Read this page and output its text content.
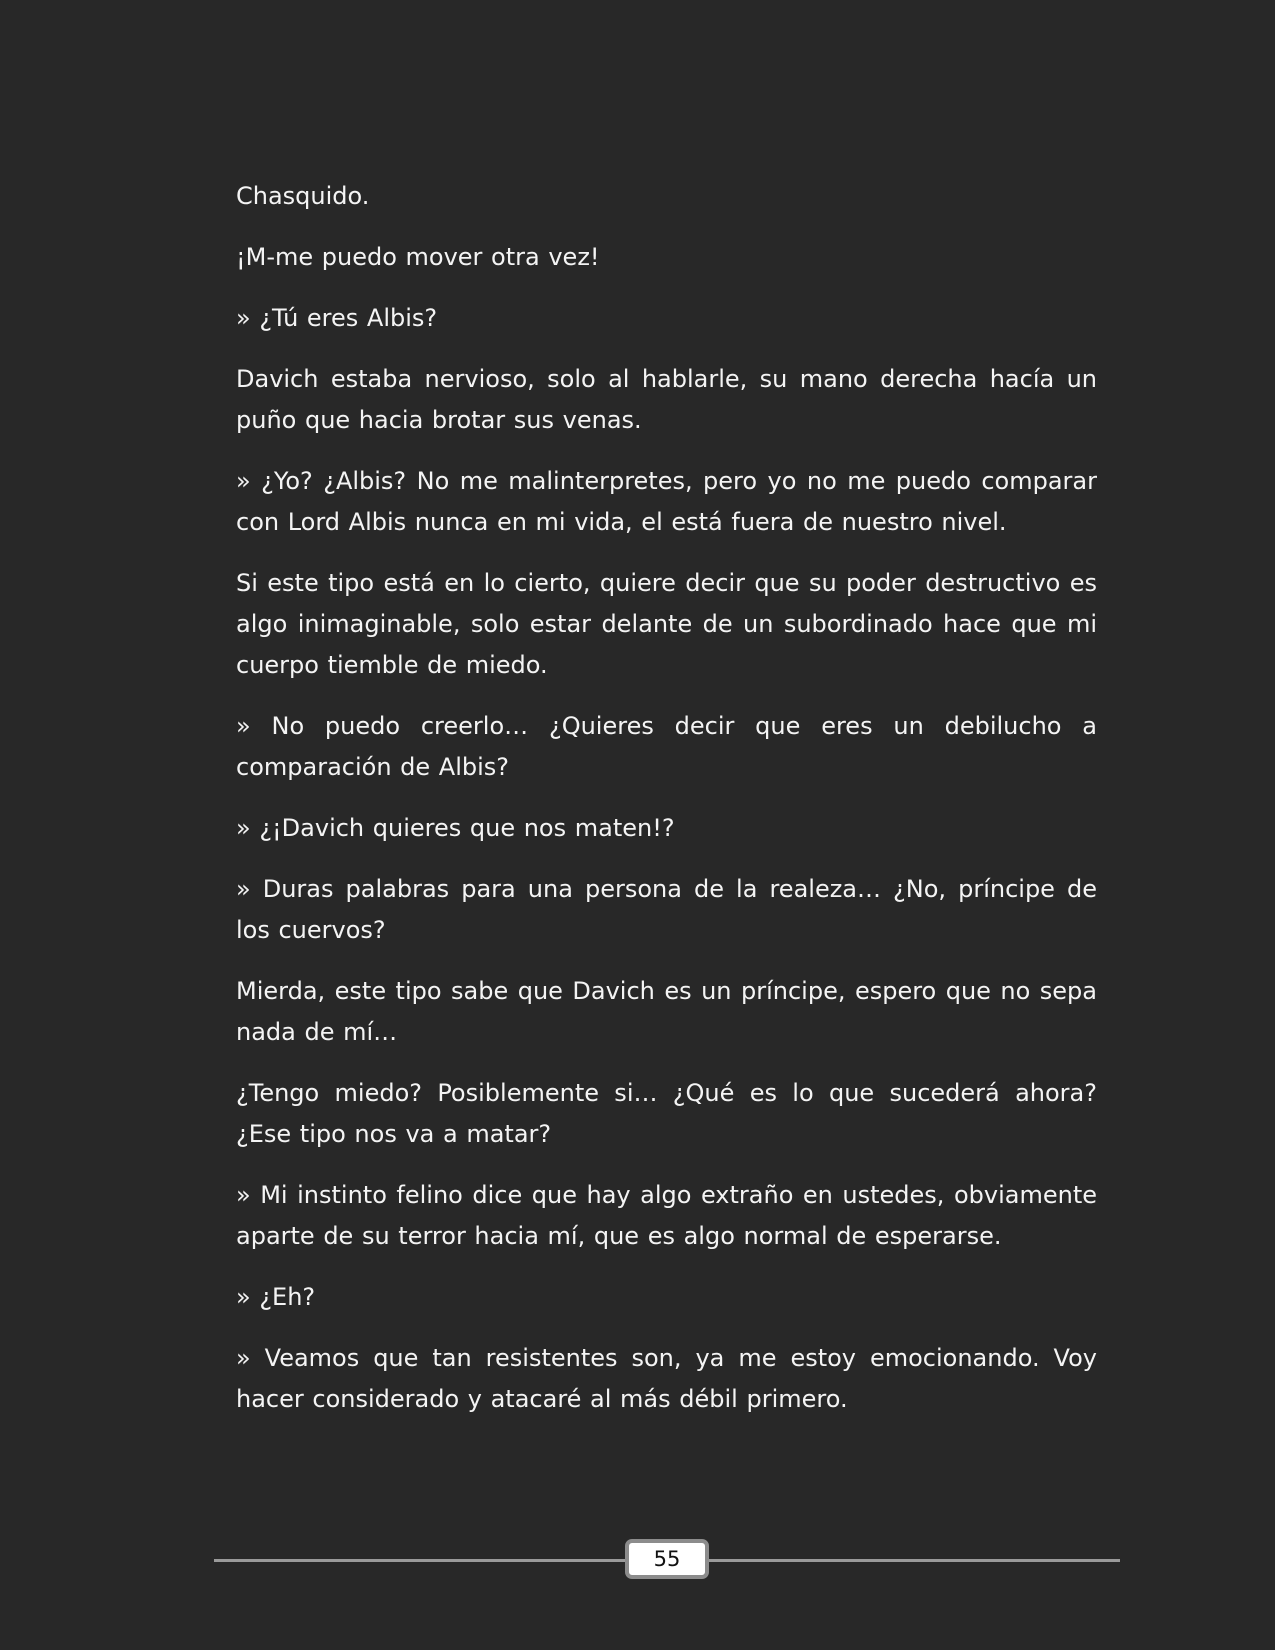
Chasquido.

¡M-me puedo mover otra vez!

» ¿Tú eres Albis?

Davich estaba nervioso, solo al hablarle, su mano derecha hacía un puño que hacia brotar sus venas.

» ¿Yo? ¿Albis? No me malinterpretes, pero yo no me puedo comparar con Lord Albis nunca en mi vida, el está fuera de nuestro nivel.

Si este tipo está en lo cierto, quiere decir que su poder destructivo es algo inimaginable, solo estar delante de un subordinado hace que mi cuerpo tiemble de miedo.

» No puedo creerlo… ¿Quieres decir que eres un debilucho a comparación de Albis?

» ¿¡Davich quieres que nos maten!?

» Duras palabras para una persona de la realeza… ¿No, príncipe de los cuervos?

Mierda, este tipo sabe que Davich es un príncipe, espero que no sepa nada de mí…

¿Tengo miedo? Posiblemente si… ¿Qué es lo que sucederá ahora? ¿Ese tipo nos va a matar?

» Mi instinto felino dice que hay algo extraño en ustedes, obviamente aparte de su terror hacia mí, que es algo normal de esperarse.

» ¿Eh?

» Veamos que tan resistentes son, ya me estoy emocionando. Voy hacer considerado y atacaré al más débil primero.

55
